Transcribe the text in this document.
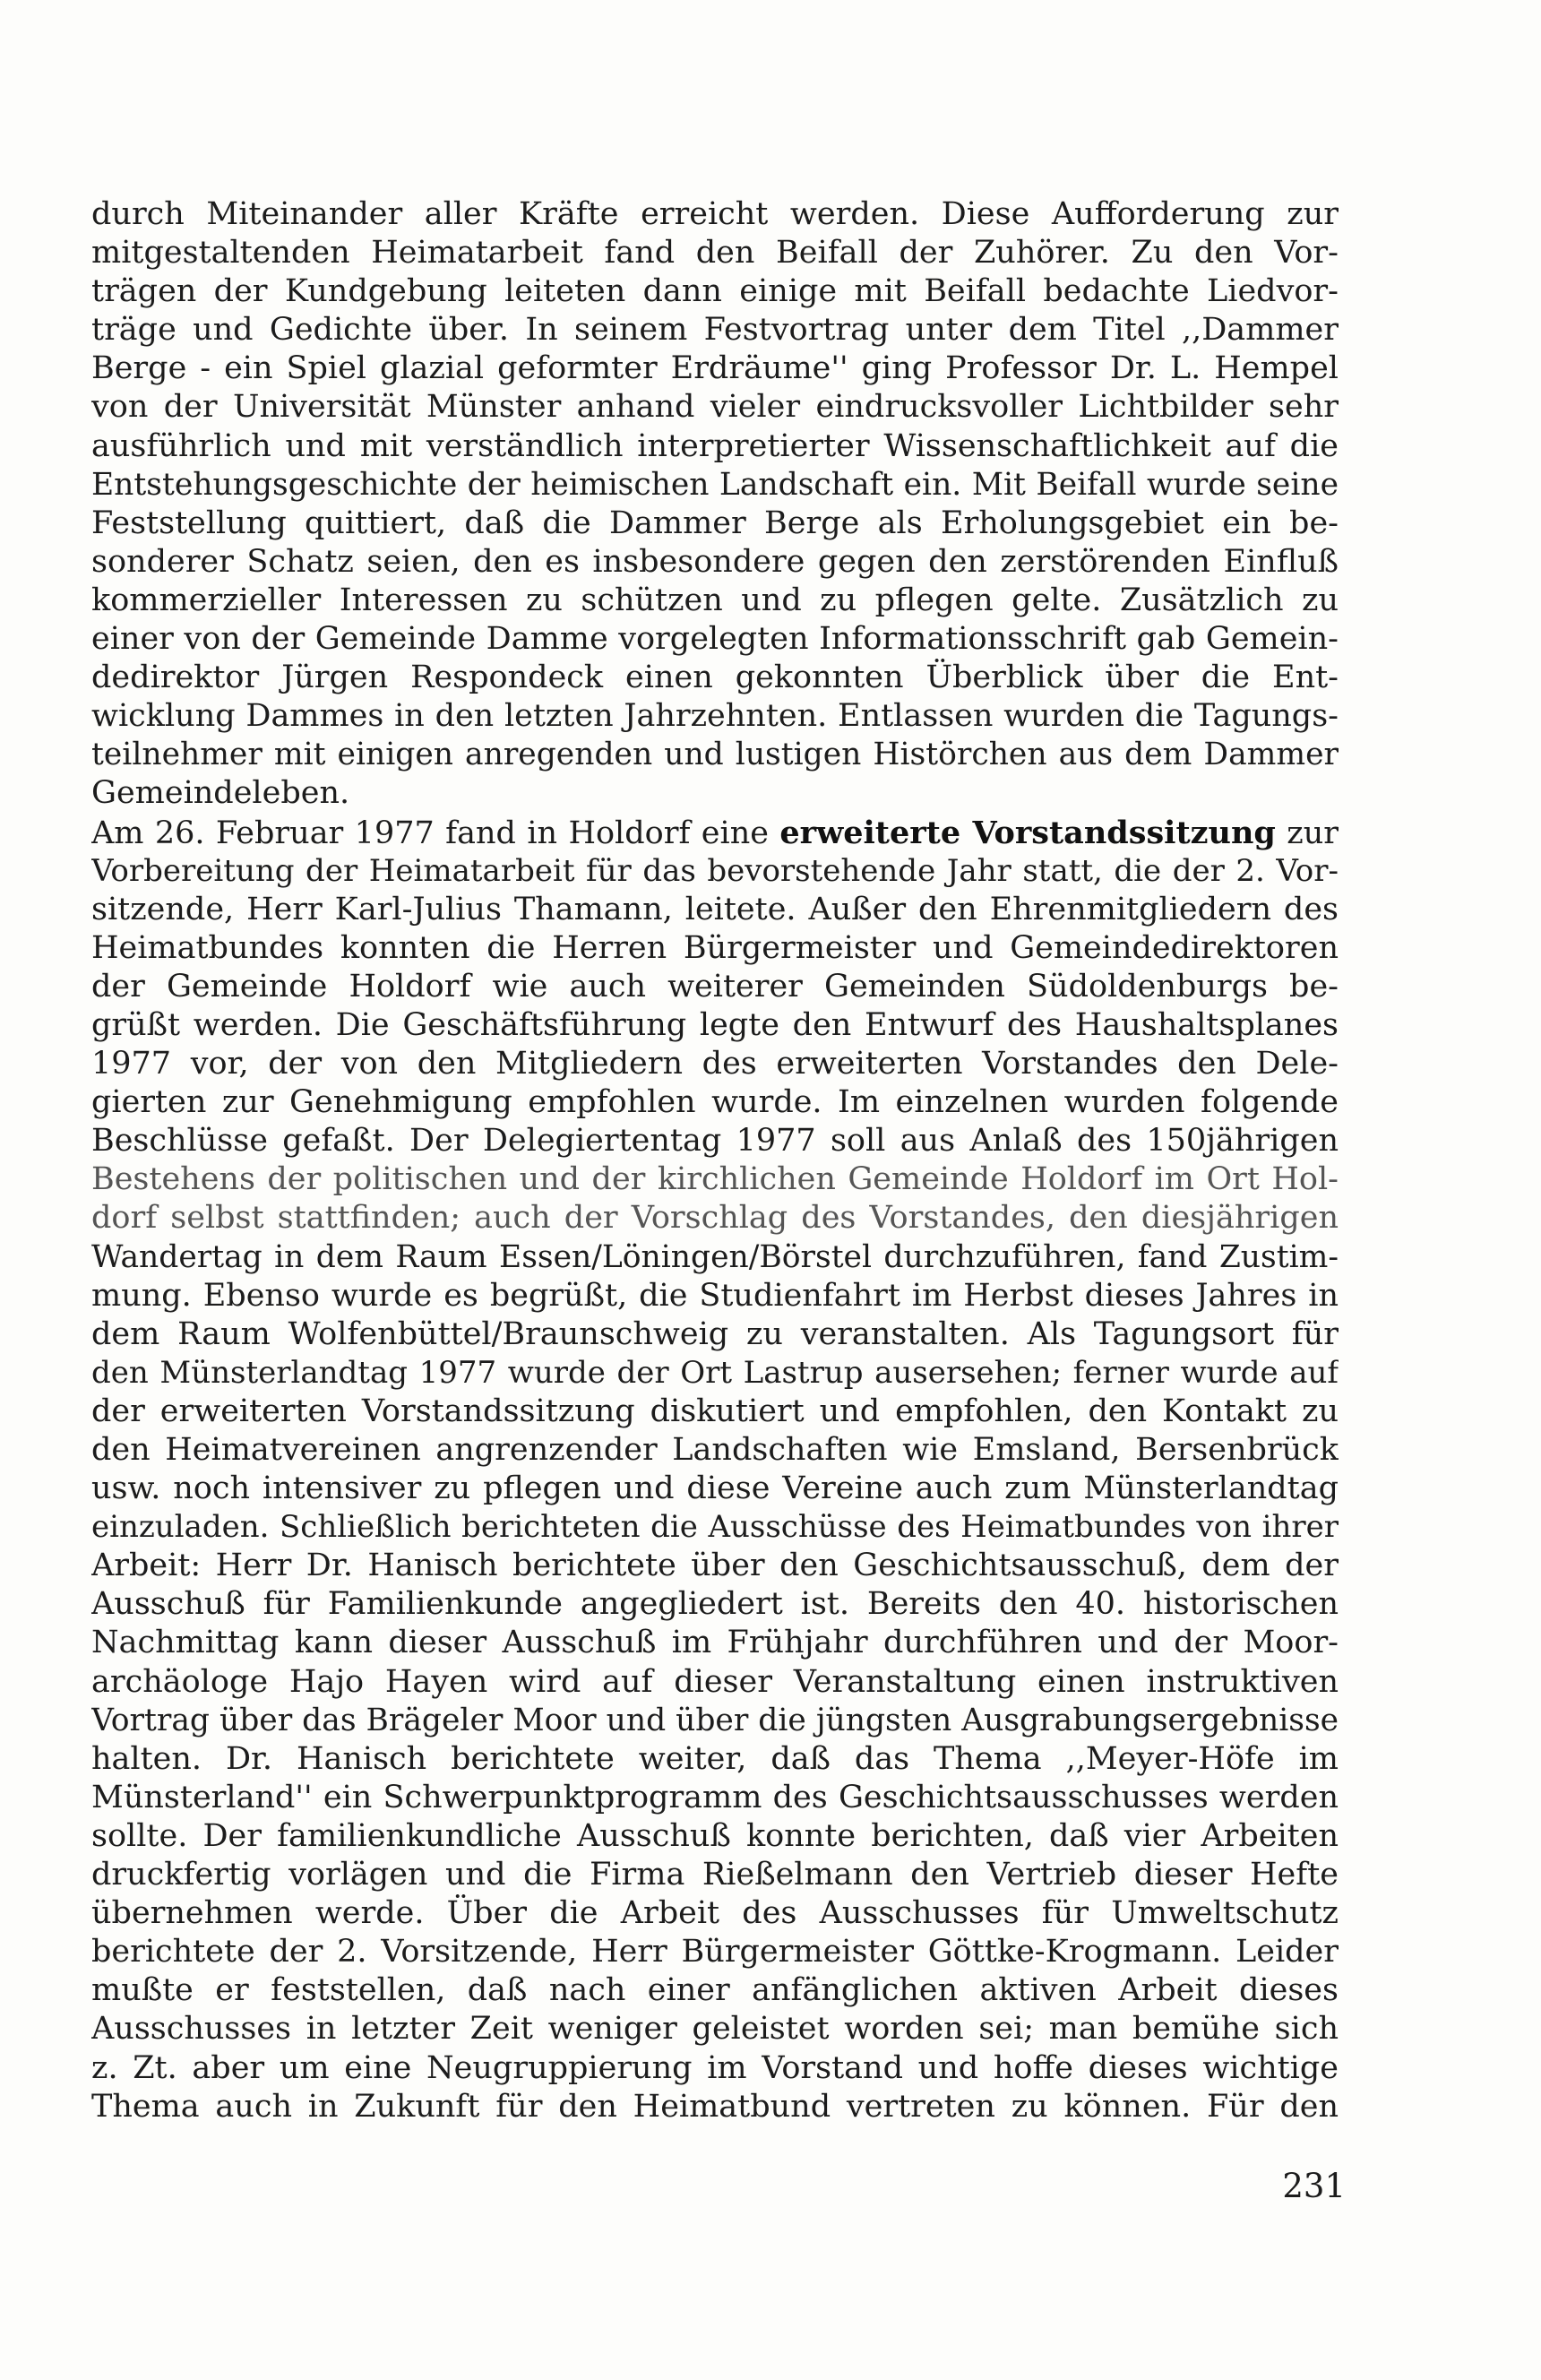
durch Miteinander aller Kräfte erreicht werden. Diese Aufforderung zur
mitgestaltenden Heimatarbeit fand den Beifall der Zuhörer. Zu den Vor-
trägen der Kundgebung leiteten dann einige mit Beifall bedachte Liedvor-
träge und Gedichte über. In seinem Festvortrag unter dem Titel ,,Dammer
Berge - ein Spiel glazial geformter Erdräume'' ging Professor Dr. L. Hempel
von der Universität Münster anhand vieler eindrucksvoller Lichtbilder sehr
ausführlich und mit verständlich interpretierter Wissenschaftlichkeit auf die
Entstehungsgeschichte der heimischen Landschaft ein. Mit Beifall wurde seine
Feststellung quittiert, daß die Dammer Berge als Erholungsgebiet ein be-
sonderer Schatz seien, den es insbesondere gegen den zerstörenden Einfluß
kommerzieller Interessen zu schützen und zu pflegen gelte. Zusätzlich zu
einer von der Gemeinde Damme vorgelegten Informationsschrift gab Gemein-
dedirektor Jürgen Respondeck einen gekonnten Überblick über die Ent-
wicklung Dammes in den letzten Jahrzehnten. Entlassen wurden die Tagungs-
teilnehmer mit einigen anregenden und lustigen Histörchen aus dem Dammer
Gemeindeleben.
Am 26. Februar 1977 fand in Holdorf eine erweiterte Vorstandssitzung zur
Vorbereitung der Heimatarbeit für das bevorstehende Jahr statt, die der 2. Vor-
sitzende, Herr Karl-Julius Thamann, leitete. Außer den Ehrenmitgliedern des
Heimatbundes konnten die Herren Bürgermeister und Gemeindedirektoren
der Gemeinde Holdorf wie auch weiterer Gemeinden Südoldenburgs be-
grüßt werden. Die Geschäftsführung legte den Entwurf des Haushaltsplanes
1977 vor, der von den Mitgliedern des erweiterten Vorstandes den Dele-
gierten zur Genehmigung empfohlen wurde. Im einzelnen wurden folgende
Beschlüsse gefaßt. Der Delegiertentag 1977 soll aus Anlaß des 150jährigen
Bestehens der politischen und der kirchlichen Gemeinde Holdorf im Ort Hol-
dorf selbst stattfinden; auch der Vorschlag des Vorstandes, den diesjährigen
Wandertag in dem Raum Essen/Löningen/Börstel durchzuführen, fand Zustim-
mung. Ebenso wurde es begrüßt, die Studienfahrt im Herbst dieses Jahres in
dem Raum Wolfenbüttel/Braunschweig zu veranstalten. Als Tagungsort für
den Münsterlandtag 1977 wurde der Ort Lastrup ausersehen; ferner wurde auf
der erweiterten Vorstandssitzung diskutiert und empfohlen, den Kontakt zu
den Heimatvereinen angrenzender Landschaften wie Emsland, Bersenbrück
usw. noch intensiver zu pflegen und diese Vereine auch zum Münsterlandtag
einzuladen. Schließlich berichteten die Ausschüsse des Heimatbundes von ihrer
Arbeit: Herr Dr. Hanisch berichtete über den Geschichtsausschuß, dem der
Ausschuß für Familienkunde angegliedert ist. Bereits den 40. historischen
Nachmittag kann dieser Ausschuß im Frühjahr durchführen und der Moor-
archäologe Hajo Hayen wird auf dieser Veranstaltung einen instruktiven
Vortrag über das Brägeler Moor und über die jüngsten Ausgrabungsergebnisse
halten. Dr. Hanisch berichtete weiter, daß das Thema ,,Meyer-Höfe im
Münsterland'' ein Schwerpunktprogramm des Geschichtsausschusses werden
sollte. Der familienkundliche Ausschuß konnte berichten, daß vier Arbeiten
druckfertig vorlägen und die Firma Rießelmann den Vertrieb dieser Hefte
übernehmen werde. Über die Arbeit des Ausschusses für Umweltschutz
berichtete der 2. Vorsitzende, Herr Bürgermeister Göttke-Krogmann. Leider
mußte er feststellen, daß nach einer anfänglichen aktiven Arbeit dieses
Ausschusses in letzter Zeit weniger geleistet worden sei; man bemühe sich
z. Zt. aber um eine Neugruppierung im Vorstand und hoffe dieses wichtige
Thema auch in Zukunft für den Heimatbund vertreten zu können. Für den
231
